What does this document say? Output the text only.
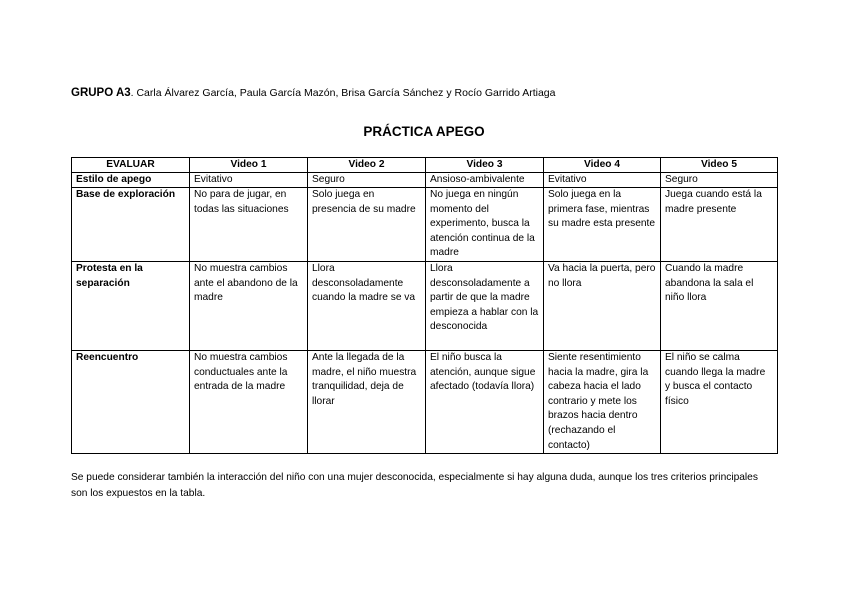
GRUPO A3. Carla Álvarez García, Paula García Mazón, Brisa García Sánchez y Rocío Garrido Artiaga
PRÁCTICA APEGO
EVALUAR	Video 1	Video 2	Video 3	Video 4	Video 5
Estilo de apego	Evitativo	Seguro	Ansioso-ambivalente	Evitativo	Seguro
Base de exploración	No para de jugar, en todas las situaciones	Solo juega en presencia de su madre	No juega en ningún momento del experimento, busca la atención continua de la madre	Solo juega en la primera fase, mientras su madre esta presente	Juega cuando está la madre presente
Protesta en la separación	No muestra cambios ante el abandono de la madre	Llora desconsoladamente cuando la madre se va	Llora desconsoladamente a partir de que la madre empieza a hablar con la desconocida	Va hacia la puerta, pero no llora	Cuando la madre abandona la sala el niño llora
Reencuentro	No muestra cambios conductuales ante la entrada de la madre	Ante la llegada de la madre, el niño muestra tranquilidad, deja de llorar	El niño busca la atención, aunque sigue afectado (todavía llora)	Siente resentimiento hacia la madre, gira la cabeza hacia el lado contrario y mete los brazos hacia dentro (rechazando el contacto)	El niño se calma cuando llega la madre y busca el contacto físico
Se puede considerar también la interacción del niño con una mujer desconocida, especialmente si hay alguna duda, aunque los tres criterios principales son los expuestos en la tabla.
